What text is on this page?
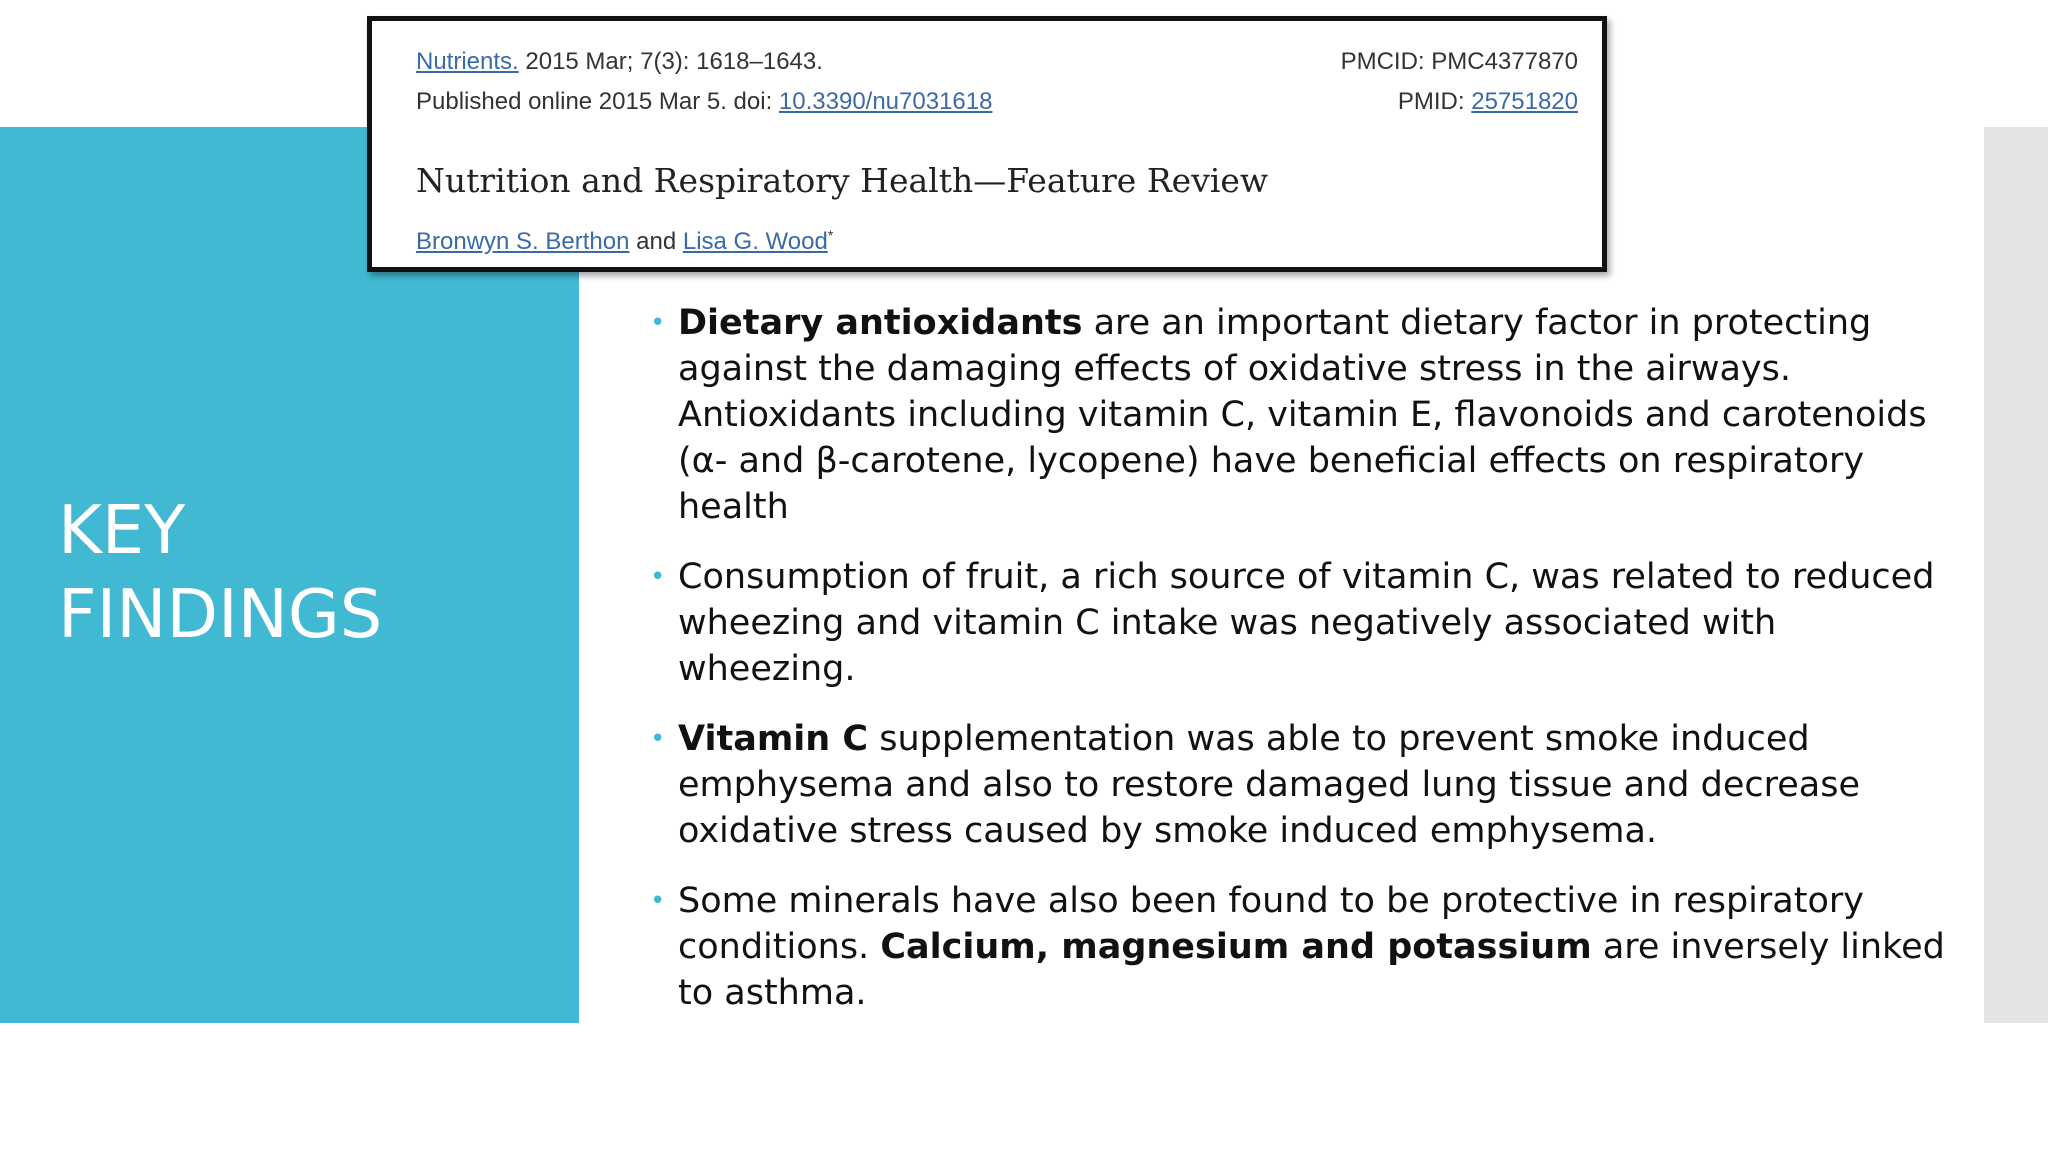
KEY
FINDINGS
Nutrients. 2015 Mar; 7(3): 1618–1643.
Published online 2015 Mar 5. doi: 10.3390/nu7031618
PMCID: PMC4377870
PMID: 25751820
Nutrition and Respiratory Health—Feature Review
Bronwyn S. Berthon and Lisa G. Wood*
• Dietary antioxidants are an important dietary factor in protecting against the damaging effects of oxidative stress in the airways. Antioxidants including vitamin C, vitamin E, flavonoids and carotenoids (α- and β-carotene, lycopene) have beneficial effects on respiratory health
• Consumption of fruit, a rich source of vitamin C, was related to reduced wheezing and vitamin C intake was negatively associated with wheezing.
• Vitamin C supplementation was able to prevent smoke induced emphysema and also to restore damaged lung tissue and decrease oxidative stress caused by smoke induced emphysema.
• Some minerals have also been found to be protective in respiratory conditions. Calcium, magnesium and potassium are inversely linked to asthma.
